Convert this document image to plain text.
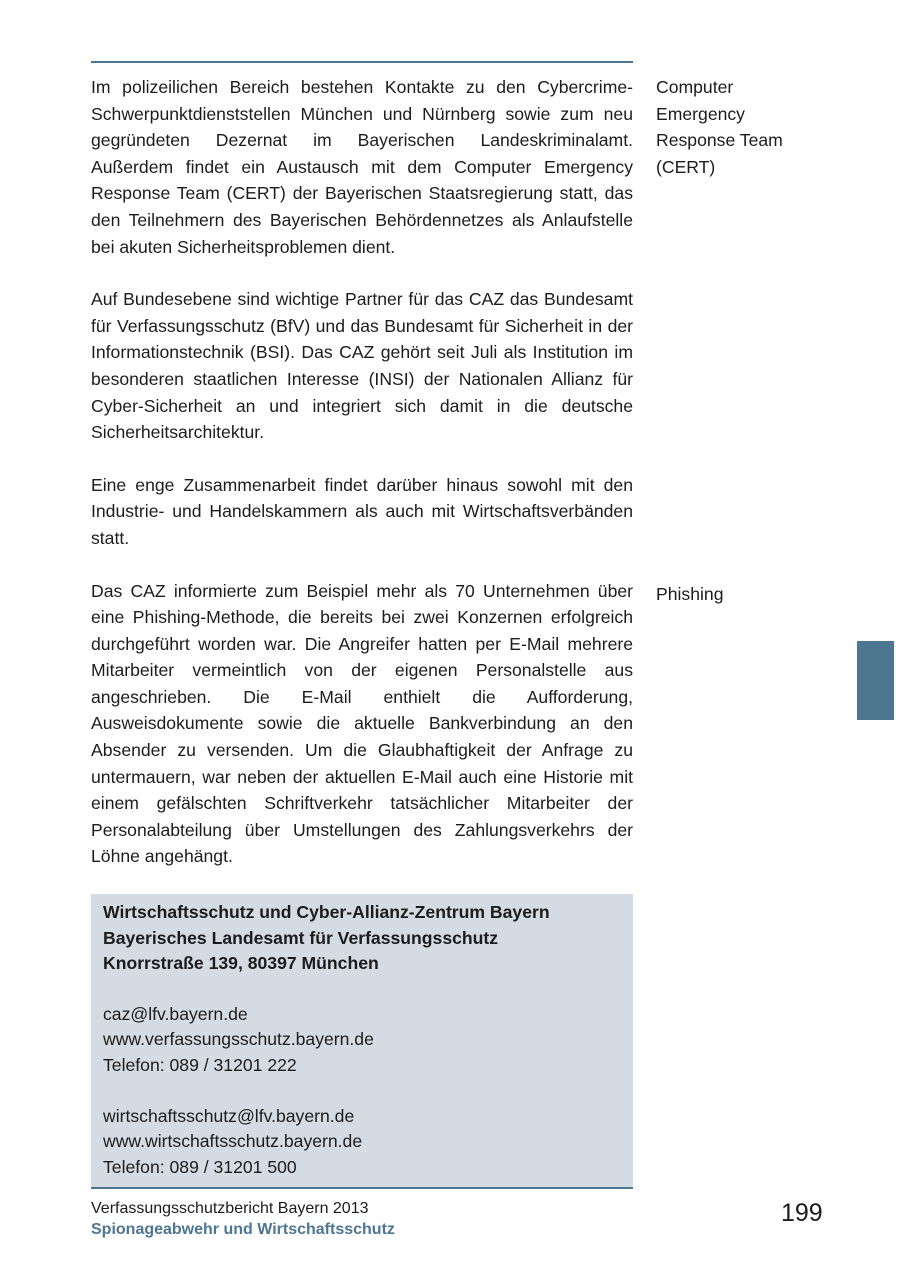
Im polizeilichen Bereich bestehen Kontakte zu den Cybercrime-Schwerpunktdienststellen München und Nürnberg sowie zum neu gegründeten Dezernat im Bayerischen Landeskriminalamt. Außerdem findet ein Austausch mit dem Computer Emergency Response Team (CERT) der Bayerischen Staatsregierung statt, das den Teilnehmern des Bayerischen Behördennetzes als Anlaufstelle bei akuten Sicherheitsproblemen dient.

Auf Bundesebene sind wichtige Partner für das CAZ das Bundesamt für Verfassungsschutz (BfV) und das Bundesamt für Sicherheit in der Informationstechnik (BSI). Das CAZ gehört seit Juli als Institution im besonderen staatlichen Interesse (INSI) der Nationalen Allianz für Cyber-Sicherheit an und integriert sich damit in die deutsche Sicherheitsarchitektur.

Eine enge Zusammenarbeit findet darüber hinaus sowohl mit den Industrie- und Handelskammern als auch mit Wirtschaftsverbänden statt.

Das CAZ informierte zum Beispiel mehr als 70 Unternehmen über eine Phishing-Methode, die bereits bei zwei Konzernen erfolgreich durchgeführt worden war. Die Angreifer hatten per E-Mail mehrere Mitarbeiter vermeintlich von der eigenen Personalstelle aus angeschrieben. Die E-Mail enthielt die Aufforderung, Ausweisdokumente sowie die aktuelle Bankverbindung an den Absender zu versenden. Um die Glaubhaftigkeit der Anfrage zu untermauern, war neben der aktuellen E-Mail auch eine Historie mit einem gefälschten Schriftverkehr tatsächlicher Mitarbeiter der Personalabteilung über Umstellungen des Zahlungsverkehrs der Löhne angehängt.

Computer Emergency Response Team (CERT)
Phishing
Wirtschaftsschutz und Cyber-Allianz-Zentrum Bayern
Bayerisches Landesamt für Verfassungsschutz
Knorrstraße 139, 80397 München
caz@lfv.bayern.de
www.verfassungsschutz.bayern.de
Telefon: 089 / 31201 222
wirtschaftsschutz@lfv.bayern.de
www.wirtschaftsschutz.bayern.de
Telefon: 089 / 31201 500
Verfassungsschutzbericht Bayern 2013
Spionageabwehr und Wirtschaftsschutz
199
